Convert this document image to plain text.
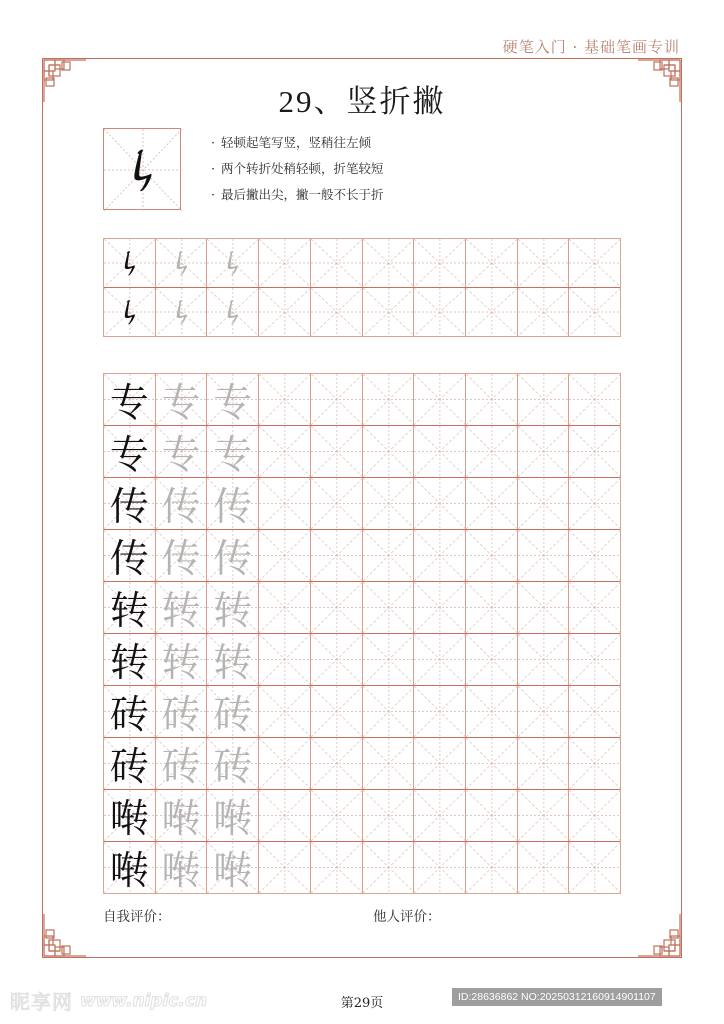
硬笔入门 · 基础笔画专训
29、竖折撇
· 轻顿起笔写竖，竖稍往左倾
· 两个转折处稍轻顿，折笔较短
· 最后撇出尖，撇一般不长于折
专 专 专
专 专 专
传 传 传
传 传 传
转 转 转
转 转 转
砖 砖 砖
砖 砖 砖
啭 啭 啭
啭 啭 啭
自我评价：	他人评价：
第29页	ID:28636862 NO:20250312160914901107
昵享网 www.nipic.cn
